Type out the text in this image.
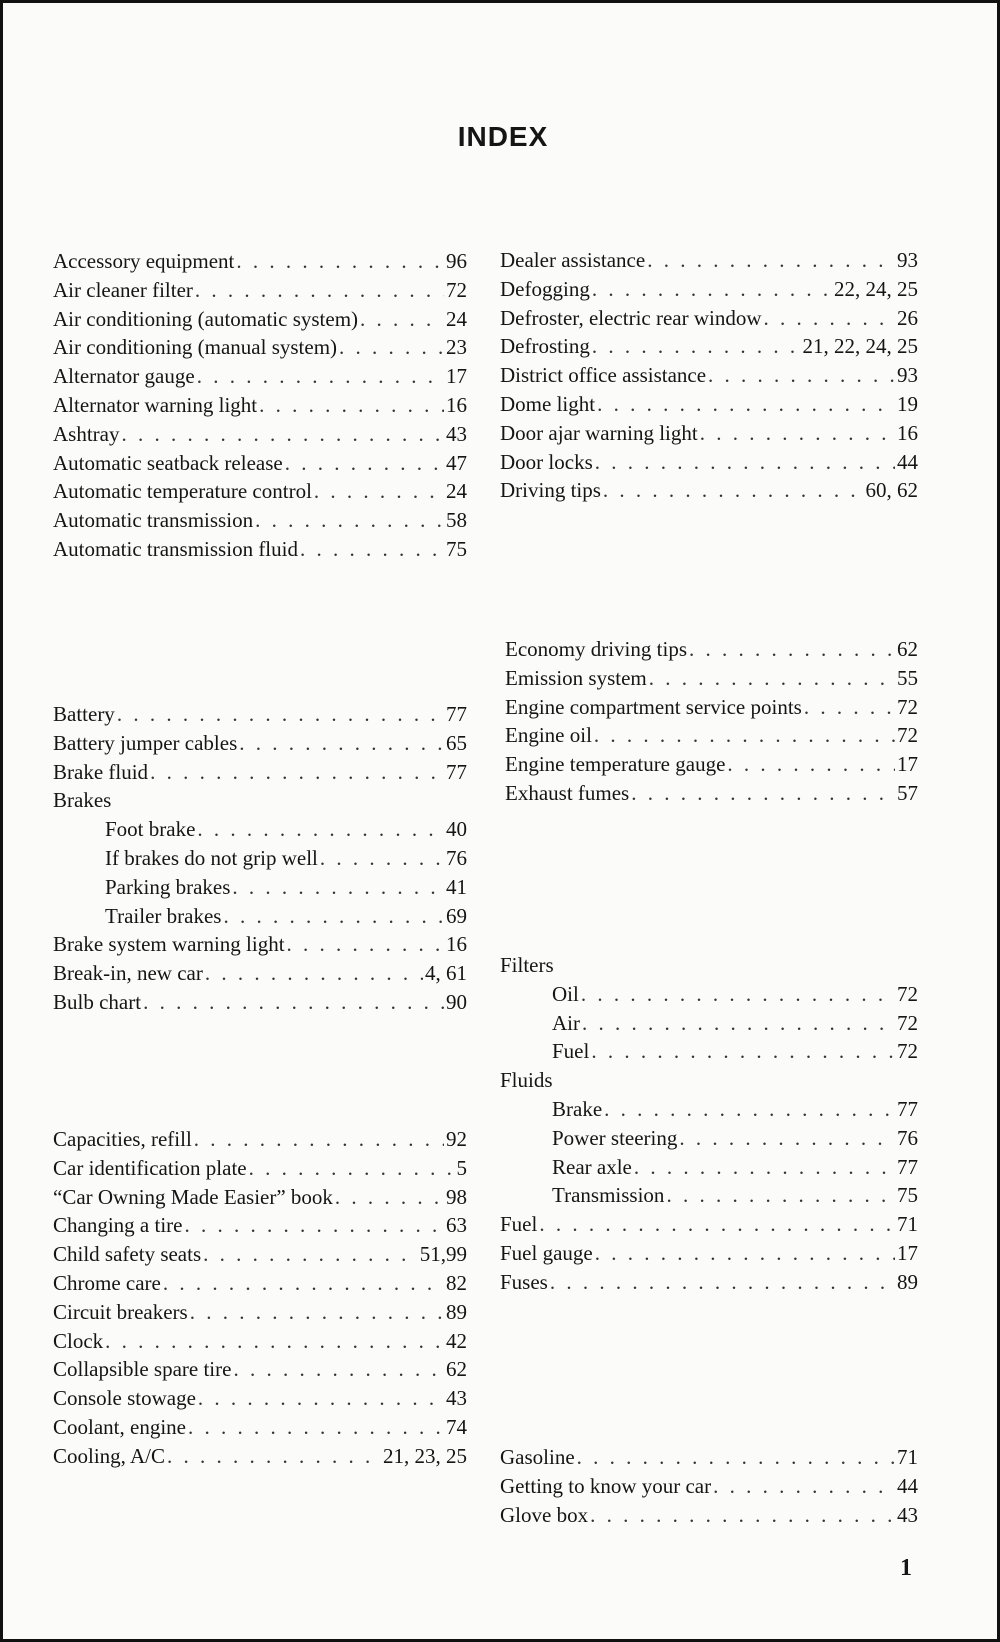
INDEX
Accessory equipment . . .	96
Air cleaner filter . . .	72
Air conditioning (automatic system) . . .	24
Air conditioning (manual system) . . .	23
Alternator gauge . . .	17
Alternator warning light . . .	16
Ashtray . . .	43
Automatic seatback release . . .	47
Automatic temperature control . . .	24
Automatic transmission . . .	58
Automatic transmission fluid . . .	75
Battery . . .	77
Battery jumper cables . . .	65
Brake fluid . . .	77
Brakes
Foot brake . . .	40
If brakes do not grip well . . .	76
Parking brakes . . .	41
Trailer brakes . . .	69
Brake system warning light . . .	16
Break-in, new car . . .	4, 61
Bulb chart . . .	90
Capacities, refill . . .	92
Car identification plate . . .	5
“Car Owning Made Easier” book . . .	98
Changing a tire . . .	63
Child safety seats . . .	51,99
Chrome care . . .	82
Circuit breakers . . .	89
Clock . . .	42
Collapsible spare tire . . .	62
Console stowage . . .	43
Coolant, engine . . .	74
Cooling, A/C . . .	21, 23, 25
Dealer assistance . . .	93
Defogging . . .	22, 24, 25
Defroster, electric rear window . . .	26
Defrosting . . .	21, 22, 24, 25
District office assistance . . .	93
Dome light . . .	19
Door ajar warning light . . .	16
Door locks . . .	44
Driving tips . . .	60, 62
Economy driving tips . . .	62
Emission system . . .	55
Engine compartment service points . . .	72
Engine oil . . .	72
Engine temperature gauge . . .	17
Exhaust fumes . . .	57
Filters
Oil . . .	72
Air . . .	72
Fuel . . .	72
Fluids
Brake . . .	77
Power steering . . .	76
Rear axle . . .	77
Transmission . . .	75
Fuel . . .	71
Fuel gauge . . .	17
Fuses . . .	89
Gasoline . . .	71
Getting to know your car . . .	44
Glove box . . .	43
1
